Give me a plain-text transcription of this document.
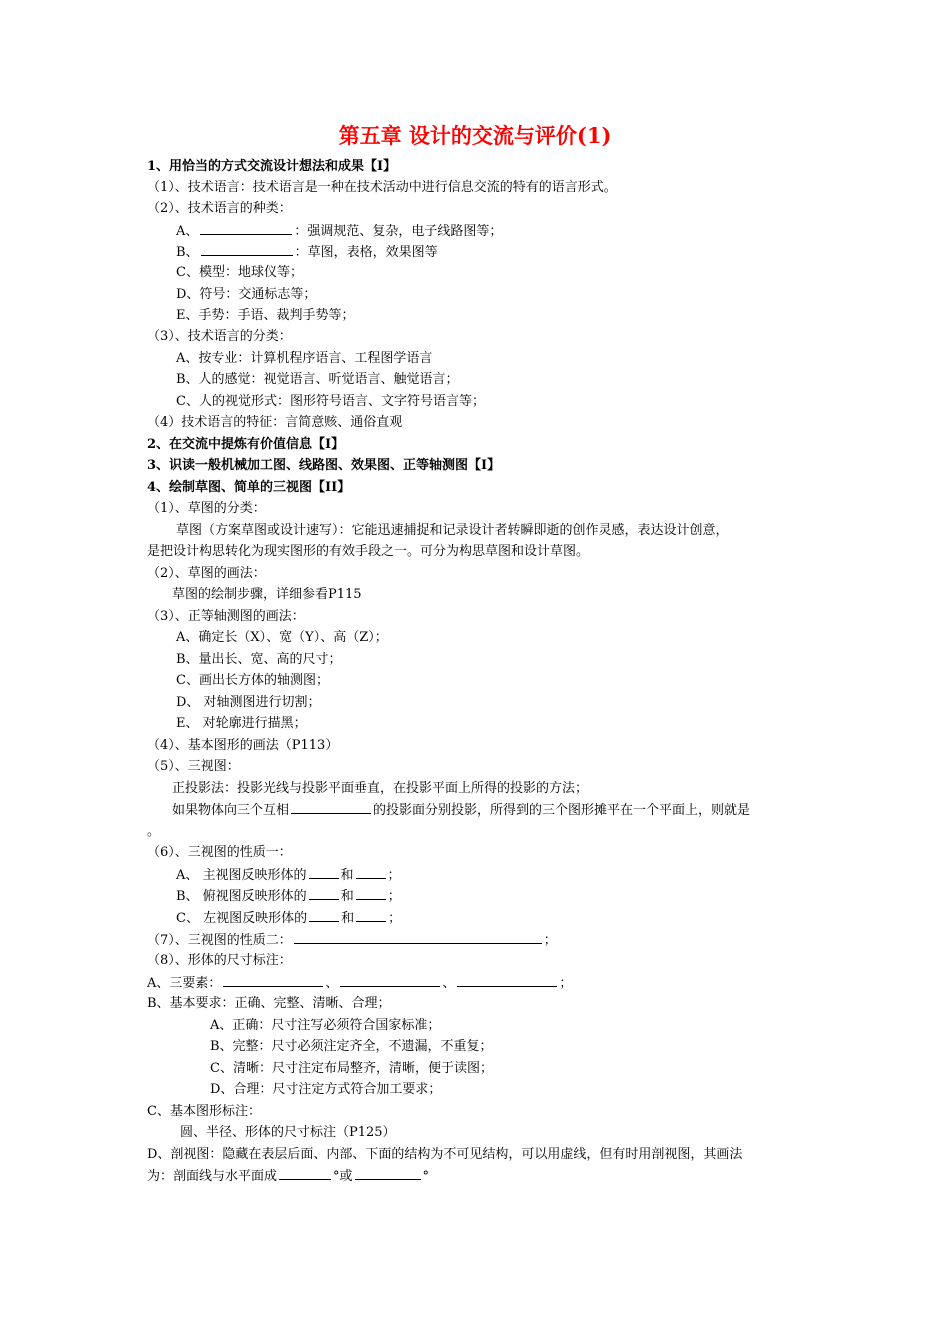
第五章 设计的交流与评价(1)
1、用恰当的方式交流设计想法和成果【I】
（1）、技术语言：技术语言是一种在技术活动中进行信息交流的特有的语言形式。
（2）、技术语言的种类：
A、	：强调规范、复杂，电子线路图等；
B、	：草图，表格，效果图等
C、模型：地球仪等；
D、符号：交通标志等；
E、手势：手语、裁判手势等；
（3）、技术语言的分类：
A、按专业：计算机程序语言、工程图学语言
B、人的感觉：视觉语言、听觉语言、触觉语言；
C、人的视觉形式：图形符号语言、文字符号语言等；
（4）技术语言的特征：言简意赅、通俗直观
2、在交流中提炼有价值信息【I】
3、识读一般机械加工图、线路图、效果图、正等轴测图【I】
4、绘制草图、简单的三视图【II】
（1）、草图的分类：
草图（方案草图或设计速写）：它能迅速捕捉和记录设计者转瞬即逝的创作灵感，表达设计创意，
是把设计构思转化为现实图形的有效手段之一。可分为构思草图和设计草图。
（2）、草图的画法：
草图的绘制步骤，详细参看P115
（3）、正等轴测图的画法：
A、确定长（X）、宽（Y）、高（Z）；
B、量出长、宽、高的尺寸；
C、画出长方体的轴测图；
D、 对轴测图进行切割；
E、 对轮廓进行描黑；
（4）、基本图形的画法（P113）
（5）、三视图：
正投影法：投影光线与投影平面垂直，在投影平面上所得的投影的方法；
如果物体向三个互相	的投影面分别投影，所得到的三个图形摊平在一个平面上，则就是
。
（6）、三视图的性质一：
A、 主视图反映形体的	和	；
B、 俯视图反映形体的	和	；
C、 左视图反映形体的	和	；
（7）、三视图的性质二：	；
（8）、形体的尺寸标注：
A、三要素：	、	、	；
B、基本要求：正确、完整、清晰、合理；
A、正确：尺寸注写必须符合国家标准；
B、完整：尺寸必须注定齐全，不遗漏，不重复；
C、清晰：尺寸注定布局整齐，清晰，便于读图；
D、合理：尺寸注定方式符合加工要求；
C、基本图形标注：
圆、半径、形体的尺寸标注（P125）
D、剖视图：隐藏在表层后面、内部、下面的结构为不可见结构，可以用虚线，但有时用剖视图，其画法
为：剖面线与水平面成	°或	°
